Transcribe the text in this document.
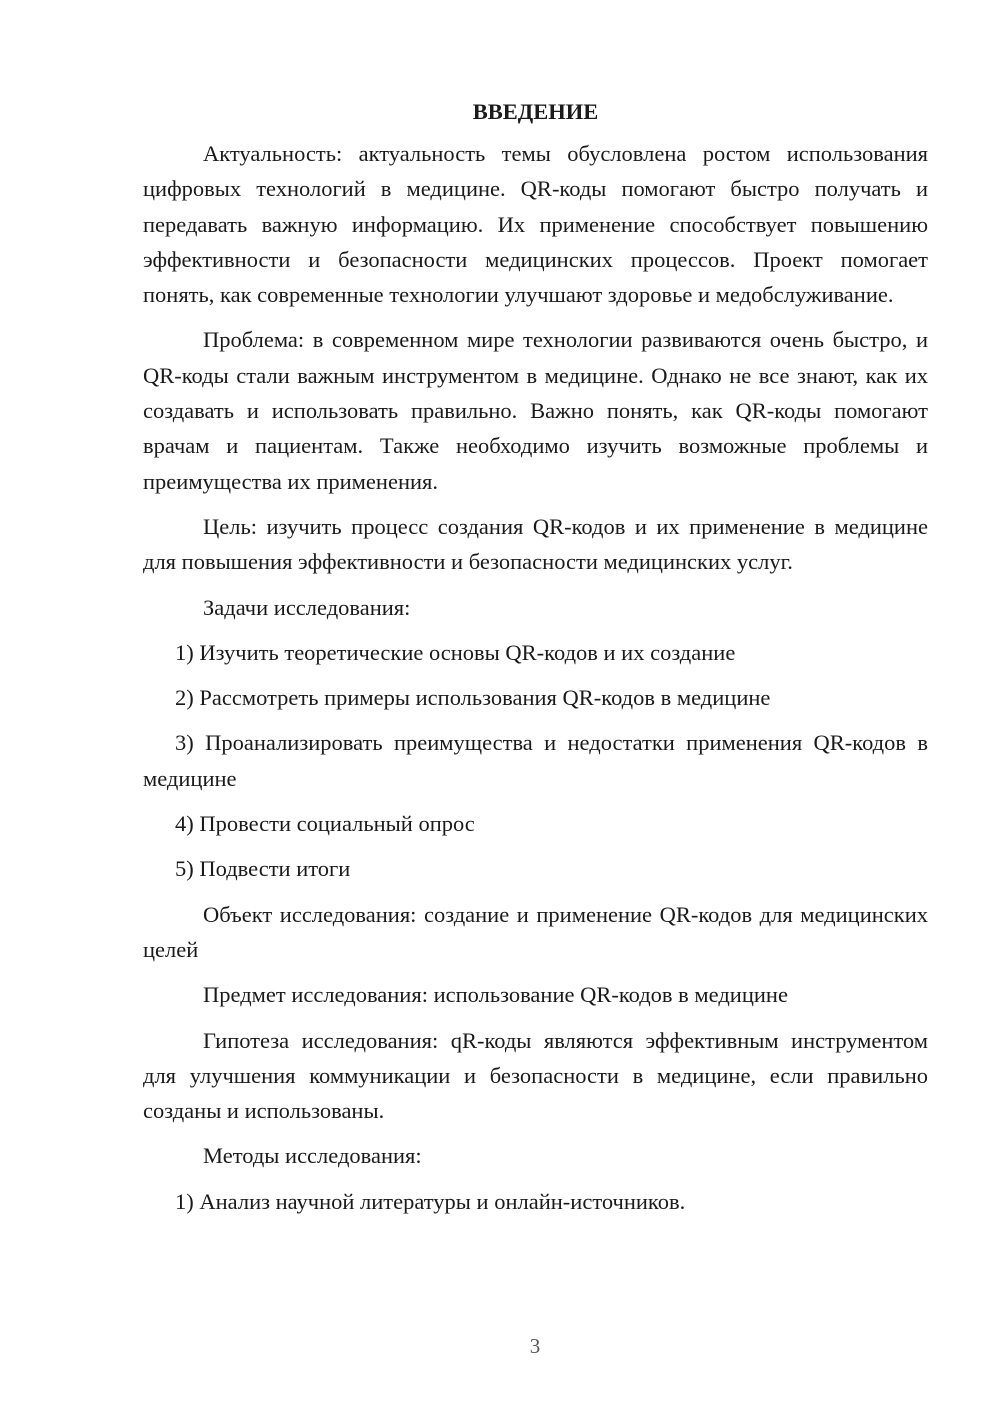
ВВЕДЕНИЕ

Актуальность: актуальность темы обусловлена ростом использования цифровых технологий в медицине. QR-коды помогают быстро получать и передавать важную информацию. Их применение способствует повышению эффективности и безопасности медицинских процессов. Проект помогает понять, как современные технологии улучшают здоровье и медобслуживание.

Проблема: в современном мире технологии развиваются очень быстро, и QR-коды стали важным инструментом в медицине. Однако не все знают, как их создавать и использовать правильно. Важно понять, как QR-коды помогают врачам и пациентам. Также необходимо изучить возможные проблемы и преимущества их применения.

Цель: изучить процесс создания QR-кодов и их применение в медицине для повышения эффективности и безопасности медицинских услуг.

Задачи исследования:

1) Изучить теоретические основы QR-кодов и их создание

2) Рассмотреть примеры использования QR-кодов в медицине

3) Проанализировать преимущества и недостатки применения QR-кодов в медицине

4) Провести социальный опрос

5) Подвести итоги

Объект исследования: создание и применение QR-кодов для медицинских целей

Предмет исследования: использование QR-кодов в медицине

Гипотеза исследования: qR-коды являются эффективным инструментом для улучшения коммуникации и безопасности в медицине, если правильно созданы и использованы.

Методы исследования:

1) Анализ научной литературы и онлайн-источников.

3
